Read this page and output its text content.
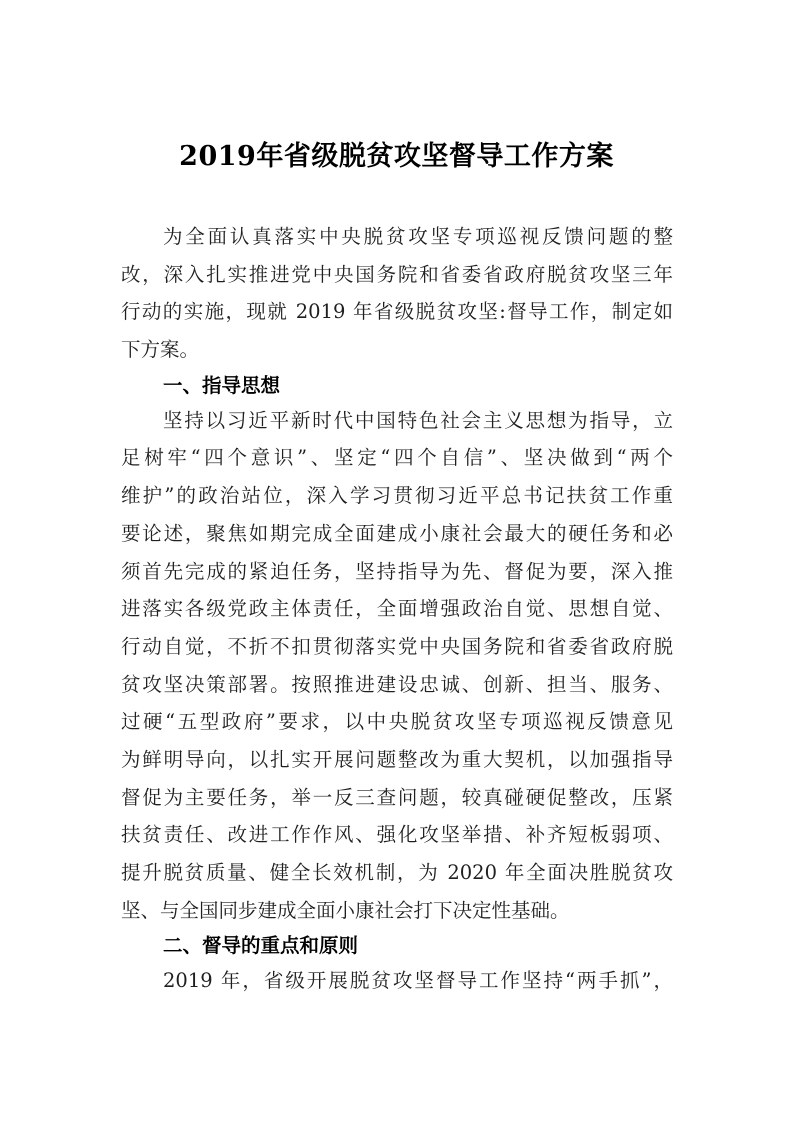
2019年省级脱贫攻坚督导工作方案
为全面认真落实中央脱贫攻坚专项巡视反馈问题的整
改，深入扎实推进党中央国务院和省委省政府脱贫攻坚三年
行动的实施，现就 2019 年省级脱贫攻坚:督导工作，制定如
下方案。
一、指导思想
坚持以习近平新时代中国特色社会主义思想为指导，立
足树牢“四个意识”、坚定“四个自信”、坚决做到“两个
维护”的政治站位，深入学习贯彻习近平总书记扶贫工作重
要论述，聚焦如期完成全面建成小康社会最大的硬任务和必
须首先完成的紧迫任务，坚持指导为先、督促为要，深入推
进落实各级党政主体责任，全面增强政治自觉、思想自觉、
行动自觉，不折不扣贯彻落实党中央国务院和省委省政府脱
贫攻坚决策部署。按照推进建设忠诚、创新、担当、服务、
过硬“五型政府”要求，以中央脱贫攻坚专项巡视反馈意见
为鲜明导向，以扎实开展问题整改为重大契机，以加强指导
督促为主要任务，举一反三查问题，较真碰硬促整改，压紧
扶贫责任、改进工作作风、强化攻坚举措、补齐短板弱项、
提升脱贫质量、健全长效机制，为 2020 年全面决胜脱贫攻
坚、与全国同步建成全面小康社会打下决定性基础。
二、督导的重点和原则
2019 年，省级开展脱贫攻坚督导工作坚持“两手抓”，
